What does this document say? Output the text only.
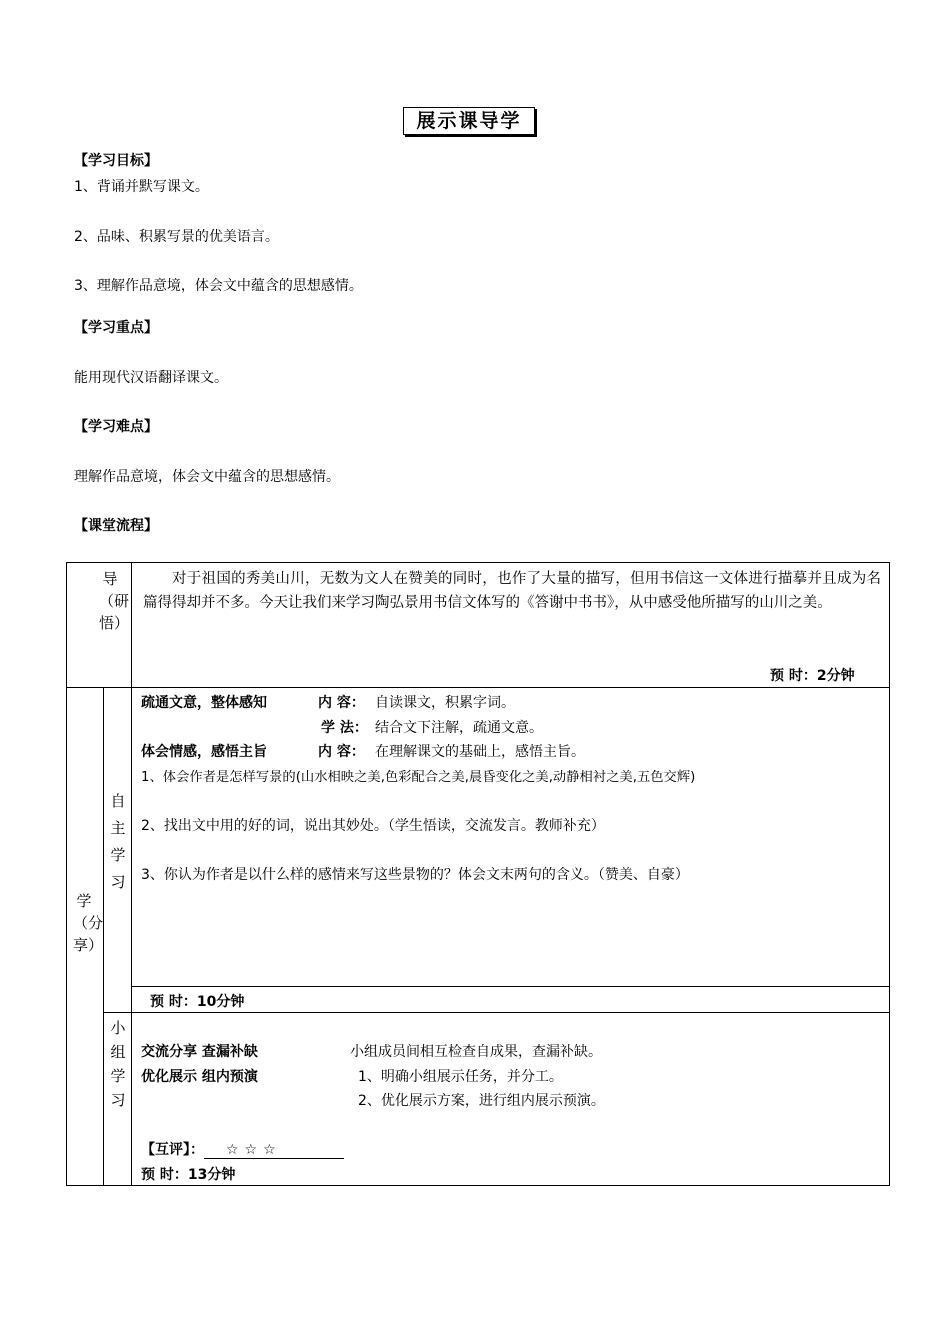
展示课导学
【学习目标】
1、背诵并默写课文。
2、品味、积累写景的优美语言。
3、理解作品意境，体会文中蕴含的思想感情。
【学习重点】
能用现代汉语翻译课文。
【学习难点】
理解作品意境，体会文中蕴含的思想感情。
【课堂流程】
导（研悟）
对于祖国的秀美山川，无数为文人在赞美的同时，也作了大量的描写，但用书信这一文体进行描摹并且成为名篇得得却并不多。今天让我们来学习陶弘景用书信文体写的《答谢中书书》，从中感受他所描写的山川之美。
预 时：2分钟
学（分享）
自主学习
疏通文意，整体感知	内 容： 自读课文，积累字词。
学 法： 结合文下注解，疏通文意。
体会情感，感悟主旨	内 容： 在理解课文的基础上，感悟主旨。
1、体会作者是怎样写景的(山水相映之美,色彩配合之美,晨昏变化之美,动静相衬之美,五色交辉)
2、找出文中用的好的词，说出其妙处。（学生悟读，交流发言。教师补充）
3、你认为作者是以什么样的感情来写这些景物的？体会文末两句的含义。（赞美、自豪）
预 时：10分钟
小组学习
交流分享 查漏补缺	小组成员间相互检查自成果，查漏补缺。
优化展示 组内预演	1、明确小组展示任务，并分工。
2、优化展示方案，进行组内展示预演。
【互评】： ☆☆☆
预 时：13分钟
